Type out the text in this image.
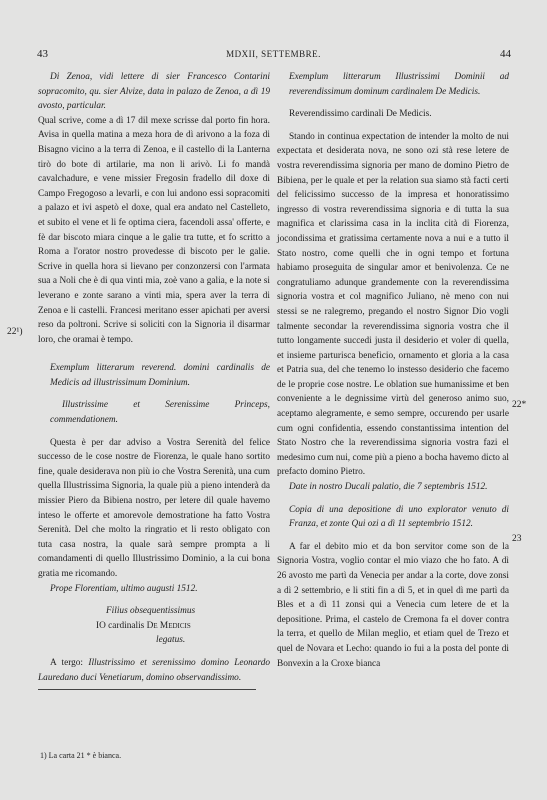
43	MDXII, SETTEMBRE.	44

Di Zenoa, vidi lettere di sier Francesco Contarini sopracomito, qu. sier Alvize, data in palazo de Zenoa, a dì 19 avosto, particular.

Qual scrive, come a dì 17 dil mexe scrisse dal porto fin hora. Avisa in quella matina a meza hora de dì arivono a la foza di Bisagno vicino a la terra di Zenoa, e il castello di la Lanterna tirò do bote di artilarie, ma non li arivò. Li fo mandà cavalchadure, e vene missier Fregosin fradello dil doxe di Campo Fregogoso a levarli, e con lui andono essi sopracomiti a palazo et ivi aspetò el doxe, qual era andato nel Castelleto, et subito el vene et li fe optima ciera, facendoli assa' offerte, e fè dar biscoto miara cinque a le galie tra tutte, et fo scritto a Roma a l'orator nostro provedesse di biscoto per le galie. Scrive in quella hora si lievano per conzonzersi con l'armata sua a Noli che è di qua vinti mia, zoè vano a galia, e la note si leverano e zonte sarano a vinti mia, spera aver la terra di Zenoa e li castelli. Francesi meritano esser apichati per aversi reso da poltroni. Scrive si soliciti con la Signoria il disarmar loro, che oramai è tempo.

Exemplum litterarum reverend. domini cardinalis de Medicis ad illustrissimum Dominium.

Illustrissime et Serenissime Princeps, commendationem.

Questa è per dar adviso a Vostra Serenità del felice successo de le cose nostre de Fiorenza, le quale hano sortito fine, quale desiderava non più io che Vostra Serenità, una cum quella Illustrissima Signoria, la quale più a pieno intenderà da missier Piero da Bibiena nostro, per letere dil quale havemo inteso le offerte et amorevole demostratione ha fatto Vostra Serenità. Del che molto la ringratio et li resto obligato con tuta casa nostra, la quale sarà sempre prompta a li comandamenti di quello Illustrissimo Dominio, a la cui bona gratia me ricomando.

Prope Florentiam, ultimo augusti 1512.

Filius obsequentissimus

IO cardinalis De Medicis

legatus.

A tergo: Illustrissimo et serenissimo domino Leonardo Lauredano duci Venetiarum, domino observandissimo.

22¹)
1) La carta 21 * è bianca.

Exemplum litterarum Illustrissimi Dominii ad reverendissimum dominum cardinalem De Medicis.

Reverendissimo cardinali De Medicis.

Stando in continua expectation de intender la molto de nui expectata et desiderata nova, ne sono ozi stà rese letere de vostra reverendissima signoria per mano de domino Pietro de Bibiena, per le quale et per la relation sua siamo stà facti certi del felicissimo successo de la impresa et honoratissimo ingresso di vostra reverendissima signoria e di tutta la sua magnifica et clarissima casa in la inclita cità di Fiorenza, jocondissima et gratissima certamente nova a nui e a tutto il Stato nostro, come quelli che in ogni tempo et fortuna habiamo proseguita de singular amor et benivolenza. Ce ne congratuliamo adunque grandemente con la reverendissima signoria vostra et col magnifico Juliano, nè meno con nui stessi se ne ralegremo, pregando el nostro Signor Dio vogli talmente secondar la reverendissima signoria vostra che il tutto longamente succedi justa il desiderio et voler di quella, et insieme parturisca beneficio, ornamento et gloria a la casa et Patria sua, del che tenemo lo instesso desiderio che facemo de le proprie cose nostre. Le oblation sue humanissime et ben conveniente a le degnissime virtù del generoso animo suo, aceptamo alegramente, e semo sempre, occurendo per usarle cum ogni confidentia, essendo constantissima intention del Stato Nostro che la reverendissima signoria vostra fazi el medesimo cum nui, come più a pieno a bocha havemo dicto al prefacto domino Pietro.

Date in nostro Ducali palatio, die 7 septembris 1512.

Copia di una depositione di uno explorator venuto di Franza, et zonte Qui ozi a dì 11 septembrio 1512.

A far el debito mio et da bon servitor come son de la Signoria Vostra, voglio contar el mio viazo che ho fato. A dì 26 avosto me partì da Venecia per andar a la corte, dove zonsi a dì 2 settembrio, e li stiti fin a dì 5, et in quel dì me partì da Bles et a dì 11 zonsi qui a Venecia cum letere de et la depositione. Prima, el castelo de Cremona fa el dover contra la terra, et quello de Milan meglio, et etiam quel de Trezo et quel de Novara et Lecho: quando io fui a la posta del ponte di Bonvexin a la Croxe bianca

22*
23
